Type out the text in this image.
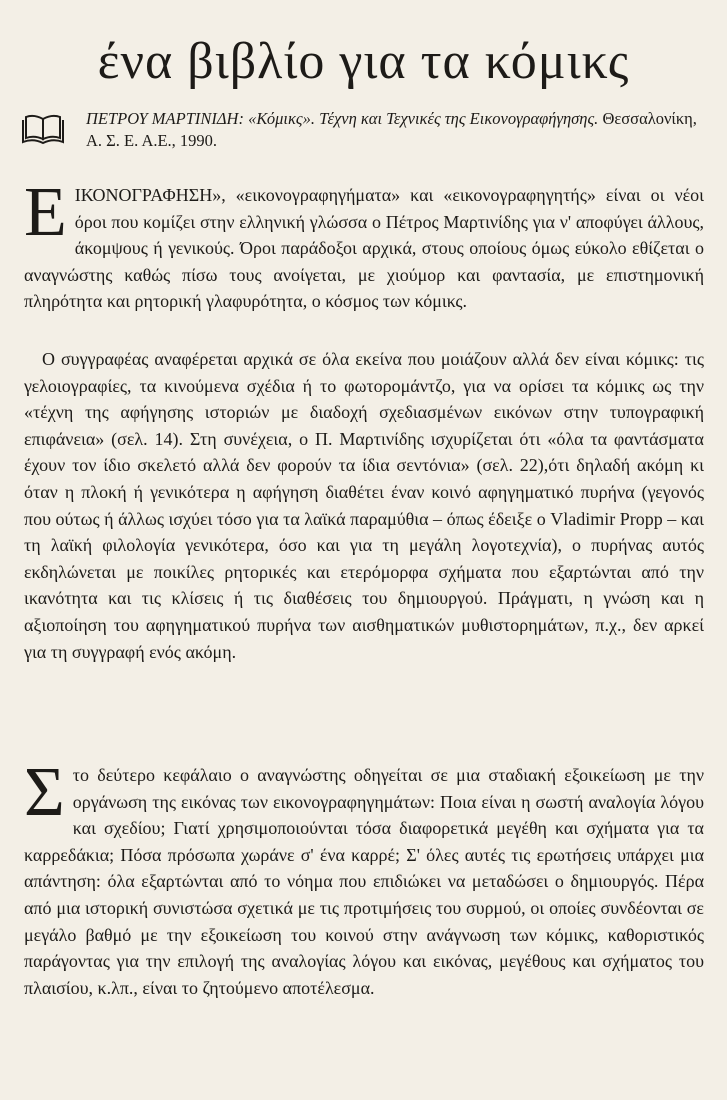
ένα βιβλίο για τα κόμικς
ΠΕΤΡΟΥ ΜΑΡΤΙΝΙΔΗ: «Κόμικς». Τέχνη και Τεχνικές της Εικονογραφήγησης. Θεσσαλονίκη, Α. Σ. Ε. Α.Ε., 1990.

ΕΙΚΟΝΟΓΡΑΦΗΣΗ», «εικονογραφηγήματα» και «εικονογραφηγητής» είναι οι νέοι όροι που κομίζει στην ελληνική γλώσσα ο Πέτρος Μαρτινίδης για ν' αποφύγει άλλους, άκομψους ή γενικούς. Όροι παράδοξοι αρχικά, στους οποίους όμως εύκολο εθίζεται ο αναγνώστης καθώς πίσω τους ανοίγεται, με χιούμορ και φαντασία, με επιστημονική πληρότητα και ρητορική γλαφυρότητα, ο κόσμος των κόμικς.

Ο συγγραφέας αναφέρεται αρχικά σε όλα εκείνα που μοιάζουν αλλά δεν είναι κόμικς: τις γελοιογραφίες, τα κινούμενα σχέδια ή το φωτορομάντζο, για να ορίσει τα κόμικς ως την «τέχνη της αφήγησης ιστοριών με διαδοχή σχεδιασμένων εικόνων στην τυπογραφική επιφάνεια» (σελ. 14). Στη συνέχεια, ο Π. Μαρτινίδης ισχυρίζεται ότι «όλα τα φαντάσματα έχουν τον ίδιο σκελετό αλλά δεν φορούν τα ίδια σεντόνια» (σελ. 22),ότι δηλαδή ακόμη κι όταν η πλοκή ή γενικότερα η αφήγηση διαθέτει έναν κοινό αφηγηματικό πυρήνα (γεγονός που ούτως ή άλλως ισχύει τόσο για τα λαϊκά παραμύθια – όπως έδειξε ο Vladimir Propp – και τη λαϊκή φιλολογία γενικότερα, όσο και για τη μεγάλη λογοτεχνία), ο πυρήνας αυτός εκδηλώνεται με ποικίλες ρητορικές και ετερόμορφα σχήματα που εξαρτώνται από την ικανότητα και τις κλίσεις ή τις διαθέσεις του δημιουργού. Πράγματι, η γνώση και η αξιοποίηση του αφηγηματικού πυρήνα των αισθηματικών μυθιστορημάτων, π.χ., δεν αρκεί για τη συγγραφή ενός ακόμη.

Στο δεύτερο κεφάλαιο ο αναγνώστης οδηγείται σε μια σταδιακή εξοικείωση με την οργάνωση της εικόνας των εικονογραφηγημάτων: Ποια είναι η σωστή αναλογία λόγου και σχεδίου; Γιατί χρησιμοποιούνται τόσα διαφορετικά μεγέθη και σχήματα για τα καρρεδάκια; Πόσα πρόσωπα χωράνε σ' ένα καρρέ; Σ' όλες αυτές τις ερωτήσεις υπάρχει μια απάντηση: όλα εξαρτώνται από το νόημα που επιδιώκει να μεταδώσει ο δημιουργός. Πέρα από μια ιστορική συνιστώσα σχετικά με τις προτιμήσεις του συρμού, οι οποίες συνδέονται σε μεγάλο βαθμό με την εξοικείωση του κοινού στην ανάγνωση των κόμικς, καθοριστικός παράγοντας για την επιλογή της αναλογίας λόγου και εικόνας, μεγέθους και σχήματος του πλαισίου, κ.λπ., είναι το ζητούμενο αποτέλεσμα.
